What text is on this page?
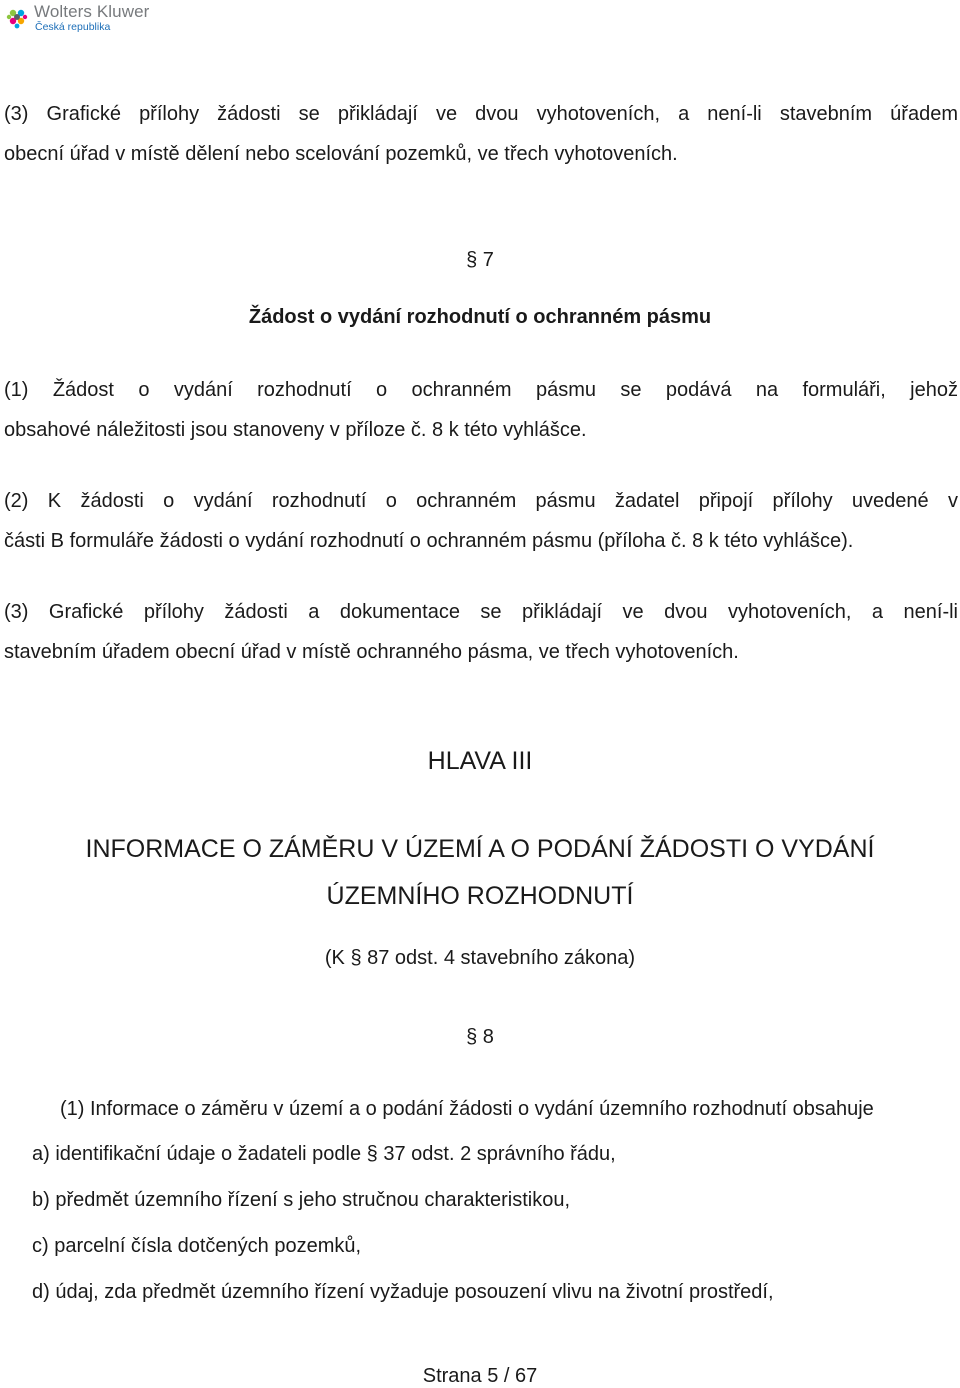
Wolters Kluwer
Česká republika
(3) Grafické přílohy žádosti se přikládají ve dvou vyhotoveních, a není-li stavebním úřadem
obecní úřad v místě dělení nebo scelování pozemků, ve třech vyhotoveních.
§ 7
Žádost o vydání rozhodnutí o ochranném pásmu
(1) Žádost o vydání rozhodnutí o ochranném pásmu se podává na formuláři, jehož
obsahové náležitosti jsou stanoveny v příloze č. 8 k této vyhlášce.
(2) K žádosti o vydání rozhodnutí o ochranném pásmu žadatel připojí přílohy uvedené v
části B formuláře žádosti o vydání rozhodnutí o ochranném pásmu (příloha č. 8 k této vyhlášce).
(3) Grafické přílohy žádosti a dokumentace se přikládají ve dvou vyhotoveních, a není-li
stavebním úřadem obecní úřad v místě ochranného pásma, ve třech vyhotoveních.
HLAVA III
INFORMACE O ZÁMĚRU V ÚZEMÍ A O PODÁNÍ ŽÁDOSTI O VYDÁNÍ
ÚZEMNÍHO ROZHODNUTÍ
(K § 87 odst. 4 stavebního zákona)
§ 8
(1) Informace o záměru v území a o podání žádosti o vydání územního rozhodnutí obsahuje
a) identifikační údaje o žadateli podle § 37 odst. 2 správního řádu,
b) předmět územního řízení s jeho stručnou charakteristikou,
c) parcelní čísla dotčených pozemků,
d) údaj, zda předmět územního řízení vyžaduje posouzení vlivu na životní prostředí,
Strana 5 / 67
